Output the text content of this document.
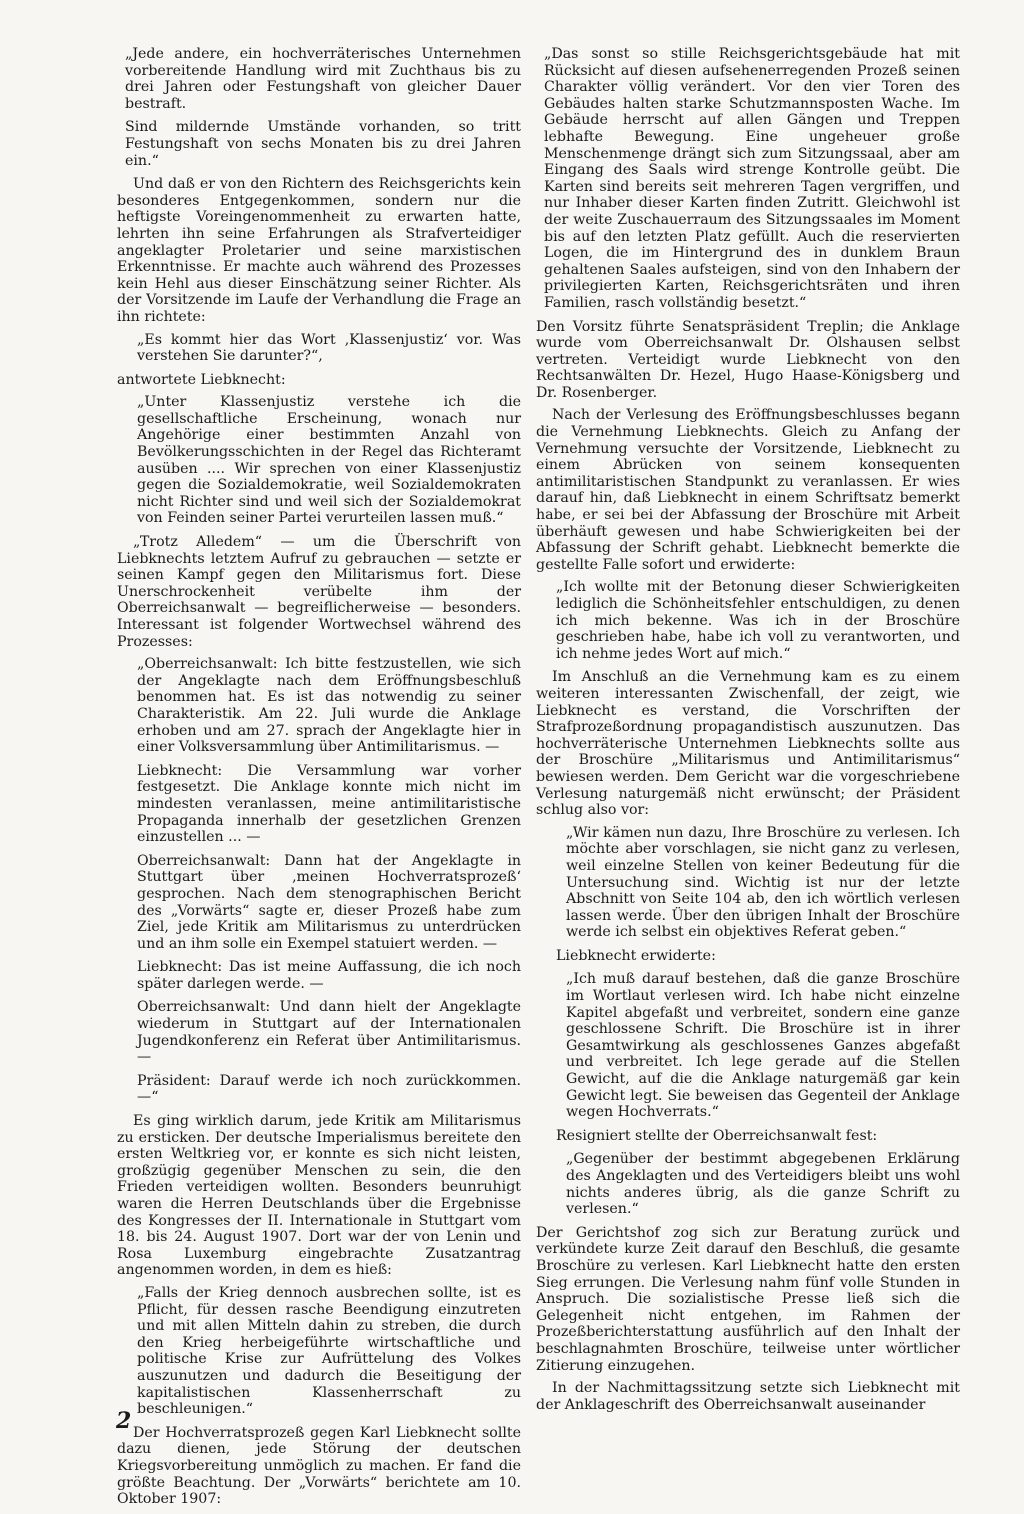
„Jede andere, ein hochverräterisches Unternehmen vorbereitende Handlung wird mit Zuchthaus bis zu drei Jahren oder Festungshaft von gleicher Dauer bestraft.

Sind mildernde Umstände vorhanden, so tritt Festungshaft von sechs Monaten bis zu drei Jahren ein.“

Und daß er von den Richtern des Reichsgerichts kein besonderes Entgegenkommen, sondern nur die heftigste Voreingenommenheit zu erwarten hatte, lehrten ihn seine Erfahrungen als Strafverteidiger angeklagter Proletarier und seine marxistischen Erkenntnisse. Er machte auch während des Prozesses kein Hehl aus dieser Einschätzung seiner Richter. Als der Vorsitzende im Laufe der Verhandlung die Frage an ihn richtete:

„Es kommt hier das Wort ‚Klassenjustiz‘ vor. Was verstehen Sie darunter?“,

antwortete Liebknecht:

„Unter Klassenjustiz verstehe ich die gesellschaftliche Erscheinung, wonach nur Angehörige einer bestimmten Anzahl von Bevölkerungsschichten in der Regel das Richteramt ausüben .... Wir sprechen von einer Klassenjustiz gegen die Sozialdemokratie, weil Sozialdemokraten nicht Richter sind und weil sich der Sozialdemokrat von Feinden seiner Partei verurteilen lassen muß.“

„Trotz Alledem“ — um die Überschrift von Liebknechts letztem Aufruf zu gebrauchen — setzte er seinen Kampf gegen den Militarismus fort. Diese Unerschrockenheit verübelte ihm der Oberreichsanwalt — begreiflicherweise — besonders. Interessant ist folgender Wortwechsel während des Prozesses:

„Oberreichsanwalt: Ich bitte festzustellen, wie sich der Angeklagte nach dem Eröffnungsbeschluß benommen hat. Es ist das notwendig zu seiner Charakteristik. Am 22. Juli wurde die Anklage erhoben und am 27. sprach der Angeklagte hier in einer Volksversammlung über Antimilitarismus. —

Liebknecht: Die Versammlung war vorher festgesetzt. Die Anklage konnte mich nicht im mindesten veranlassen, meine antimilitaristische Propaganda innerhalb der gesetzlichen Grenzen einzustellen ... —

Oberreichsanwalt: Dann hat der Angeklagte in Stuttgart über ‚meinen Hochverratsprozeß‘ gesprochen. Nach dem stenographischen Bericht des „Vorwärts“ sagte er, dieser Prozeß habe zum Ziel, jede Kritik am Militarismus zu unterdrücken und an ihm solle ein Exempel statuiert werden. —

Liebknecht: Das ist meine Auffassung, die ich noch später darlegen werde. —

Oberreichsanwalt: Und dann hielt der Angeklagte wiederum in Stuttgart auf der Internationalen Jugendkonferenz ein Referat über Antimilitarismus. —

Präsident: Darauf werde ich noch zurückkommen. —“

Es ging wirklich darum, jede Kritik am Militarismus zu ersticken. Der deutsche Imperialismus bereitete den ersten Weltkrieg vor, er konnte es sich nicht leisten, großzügig gegenüber Menschen zu sein, die den Frieden verteidigen wollten. Besonders beunruhigt waren die Herren Deutschlands über die Ergebnisse des Kongresses der II. Internationale in Stuttgart vom 18. bis 24. August 1907. Dort war der von Lenin und Rosa Luxemburg eingebrachte Zusatzantrag angenommen worden, in dem es hieß:

„Falls der Krieg dennoch ausbrechen sollte, ist es Pflicht, für dessen rasche Beendigung einzutreten und mit allen Mitteln dahin zu streben, die durch den Krieg herbeigeführte wirtschaftliche und politische Krise zur Aufrüttelung des Volkes auszunutzen und dadurch die Beseitigung der kapitalistischen Klassenherrschaft zu beschleunigen.“

Der Hochverratsprozeß gegen Karl Liebknecht sollte dazu dienen, jede Störung der deutschen Kriegsvorbereitung unmöglich zu machen. Er fand die größte Beachtung. Der „Vorwärts“ berichtete am 10. Oktober 1907:

„Das sonst so stille Reichsgerichtsgebäude hat mit Rücksicht auf diesen aufsehenerregenden Prozeß seinen Charakter völlig verändert. Vor den vier Toren des Gebäudes halten starke Schutzmannsposten Wache. Im Gebäude herrscht auf allen Gängen und Treppen lebhafte Bewegung. Eine ungeheuer große Menschenmenge drängt sich zum Sitzungssaal, aber am Eingang des Saals wird strenge Kontrolle geübt. Die Karten sind bereits seit mehreren Tagen vergriffen, und nur Inhaber dieser Karten finden Zutritt. Gleichwohl ist der weite Zuschauerraum des Sitzungssaales im Moment bis auf den letzten Platz gefüllt. Auch die reservierten Logen, die im Hintergrund des in dunklem Braun gehaltenen Saales aufsteigen, sind von den Inhabern der privilegierten Karten, Reichsgerichtsräten und ihren Familien, rasch vollständig besetzt.“

Den Vorsitz führte Senatspräsident Treplin; die Anklage wurde vom Oberreichsanwalt Dr. Olshausen selbst vertreten. Verteidigt wurde Liebknecht von den Rechtsanwälten Dr. Hezel, Hugo Haase-Königsberg und Dr. Rosenberger.

Nach der Verlesung des Eröffnungsbeschlusses begann die Vernehmung Liebknechts. Gleich zu Anfang der Vernehmung versuchte der Vorsitzende, Liebknecht zu einem Abrücken von seinem konsequenten antimilitaristischen Standpunkt zu veranlassen. Er wies darauf hin, daß Liebknecht in einem Schriftsatz bemerkt habe, er sei bei der Abfassung der Broschüre mit Arbeit überhäuft gewesen und habe Schwierigkeiten bei der Abfassung der Schrift gehabt. Liebknecht bemerkte die gestellte Falle sofort und erwiderte:

„Ich wollte mit der Betonung dieser Schwierigkeiten lediglich die Schönheitsfehler entschuldigen, zu denen ich mich bekenne. Was ich in der Broschüre geschrieben habe, habe ich voll zu verantworten, und ich nehme jedes Wort auf mich.“

Im Anschluß an die Vernehmung kam es zu einem weiteren interessanten Zwischenfall, der zeigt, wie Liebknecht es verstand, die Vorschriften der Strafprozeßordnung propagandistisch auszunutzen. Das hochverräterische Unternehmen Liebknechts sollte aus der Broschüre „Militarismus und Antimilitarismus“ bewiesen werden. Dem Gericht war die vorgeschriebene Verlesung naturgemäß nicht erwünscht; der Präsident schlug also vor:

„Wir kämen nun dazu, Ihre Broschüre zu verlesen. Ich möchte aber vorschlagen, sie nicht ganz zu verlesen, weil einzelne Stellen von keiner Bedeutung für die Untersuchung sind. Wichtig ist nur der letzte Abschnitt von Seite 104 ab, den ich wörtlich verlesen lassen werde. Über den übrigen Inhalt der Broschüre werde ich selbst ein objektives Referat geben.“

Liebknecht erwiderte:

„Ich muß darauf bestehen, daß die ganze Broschüre im Wortlaut verlesen wird. Ich habe nicht einzelne Kapitel abgefaßt und verbreitet, sondern eine ganze geschlossene Schrift. Die Broschüre ist in ihrer Gesamtwirkung als geschlossenes Ganzes abgefaßt und verbreitet. Ich lege gerade auf die Stellen Gewicht, auf die die Anklage naturgemäß gar kein Gewicht legt. Sie beweisen das Gegenteil der Anklage wegen Hochverrats.“

Resigniert stellte der Oberreichsanwalt fest:

„Gegenüber der bestimmt abgegebenen Erklärung des Angeklagten und des Verteidigers bleibt uns wohl nichts anderes übrig, als die ganze Schrift zu verlesen.“

Der Gerichtshof zog sich zur Beratung zurück und verkündete kurze Zeit darauf den Beschluß, die gesamte Broschüre zu verlesen. Karl Liebknecht hatte den ersten Sieg errungen. Die Verlesung nahm fünf volle Stunden in Anspruch. Die sozialistische Presse ließ sich die Gelegenheit nicht entgehen, im Rahmen der Prozeßberichterstattung ausführlich auf den Inhalt der beschlagnahmten Broschüre, teilweise unter wörtlicher Zitierung einzugehen.

In der Nachmittagssitzung setzte sich Liebknecht mit der Anklageschrift des Oberreichsanwalt auseinander

2
